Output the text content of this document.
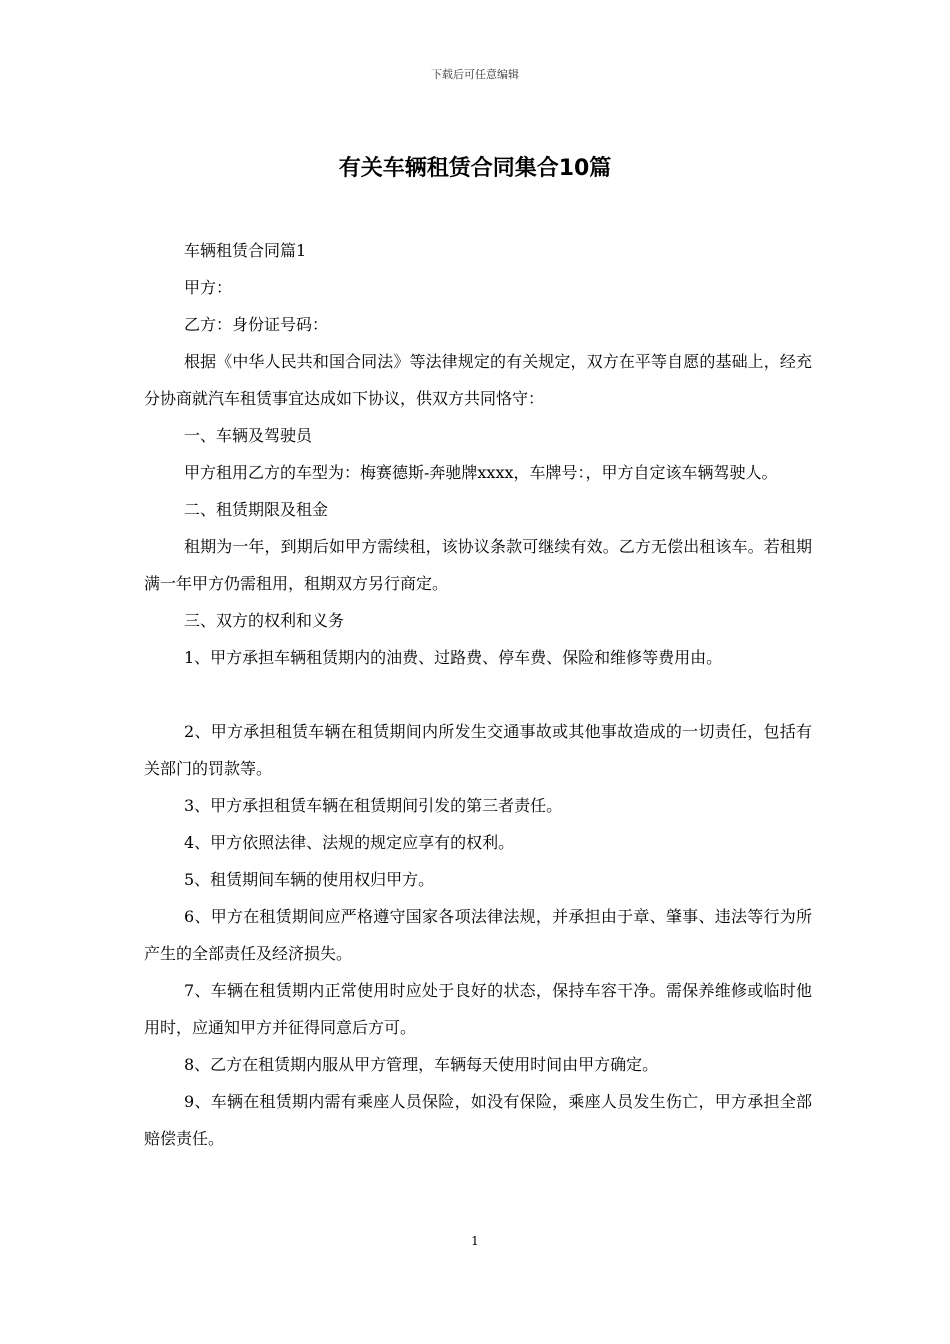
下载后可任意编辑
有关车辆租赁合同集合10篇

车辆租赁合同篇1

甲方：

乙方：身份证号码：

根据《中华人民共和国合同法》等法律规定的有关规定，双方在平等自愿的基础上，经充分协商就汽车租赁事宜达成如下协议，供双方共同恪守：

一、车辆及驾驶员

甲方租用乙方的车型为：梅赛德斯-奔驰牌xxxx，车牌号：，甲方自定该车辆驾驶人。

二、租赁期限及租金

租期为一年，到期后如甲方需续租，该协议条款可继续有效。乙方无偿出租该车。若租期满一年甲方仍需租用，租期双方另行商定。

三、双方的权利和义务

1、甲方承担车辆租赁期内的油费、过路费、停车费、保险和维修等费用由。

2、甲方承担租赁车辆在租赁期间内所发生交通事故或其他事故造成的一切责任，包括有关部门的罚款等。

3、甲方承担租赁车辆在租赁期间引发的第三者责任。

4、甲方依照法律、法规的规定应享有的权利。

5、租赁期间车辆的使用权归甲方。

6、甲方在租赁期间应严格遵守国家各项法律法规，并承担由于章、肇事、违法等行为所产生的全部责任及经济损失。

7、车辆在租赁期内正常使用时应处于良好的状态，保持车容干净。需保养维修或临时他用时，应通知甲方并征得同意后方可。

8、乙方在租赁期内服从甲方管理，车辆每天使用时间由甲方确定。

9、车辆在租赁期内需有乘座人员保险，如没有保险，乘座人员发生伤亡，甲方承担全部赔偿责任。

1
